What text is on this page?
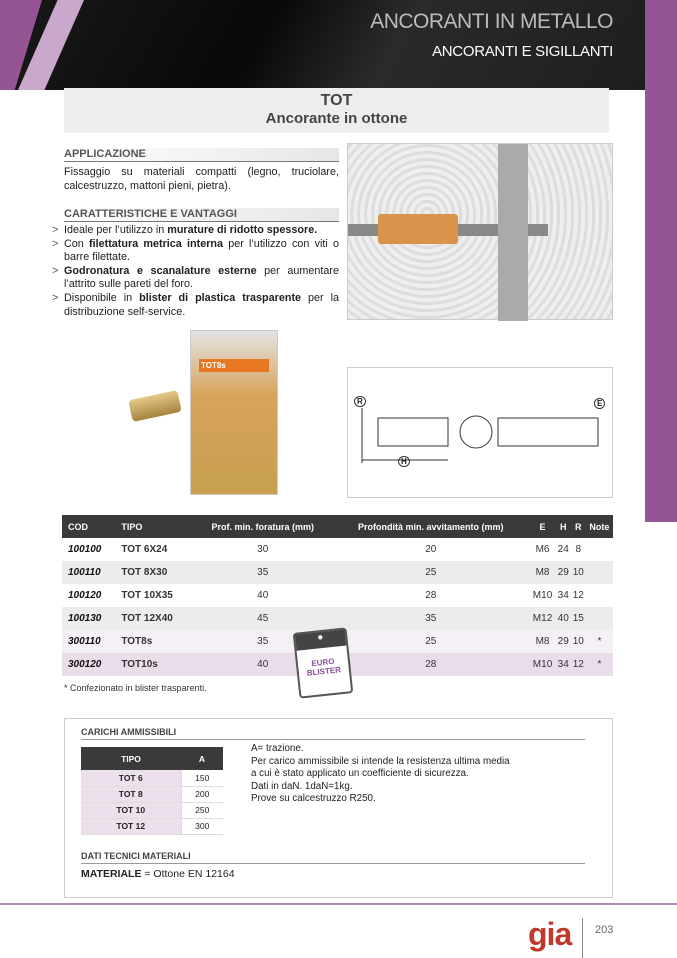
ANCORANTI IN METALLO
ANCORANTI E SIGILLANTI
TOT
Ancorante in ottone
APPLICAZIONE
Fissaggio su materiali compatti (legno, truciolare, calcestruzzo, mattoni pieni, pietra).
CARATTERISTICHE E VANTAGGI
> Ideale per l’utilizzo in murature di ridotto spessore.
> Con filettatura metrica interna per l’utilizzo con viti o barre filettate.
> Godronatura e scanalature esterne per aumentare l’attrito sulle pareti del foro.
> Disponibile in blister di plastica trasparente per la distribuzione self-service.
TOT8s
R	E
H
COD	TIPO	Prof. min. foratura (mm)	Profondità min. avvitamento (mm)	E	H	R	Note
100100	TOT 6X24	30	20	M6	24	8	
100110	TOT 8X30	35	25	M8	29	10	
100120	TOT 10X35	40	28	M10	34	12	
100130	TOT 12X40	45	35	M12	40	15	
300110	TOT8s	35	25	M8	29	10	*
300120	TOT10s	40	28	M10	34	12	*
* Confezionato in blister trasparenti.
●
EURO BLISTER
CARICHI AMMISSIBILI
TIPO	A
TOT 6	150
TOT 8	200
TOT 10	250
TOT 12	300
A= trazione.
Per carico ammissibile si intende la resistenza ultima media
a cui è stato applicato un coefficiente di sicurezza.
Dati in daN. 1daN=1kg.
Prove su calcestruzzo R250.
DATI TECNICI MATERIALI
MATERIALE = Ottone EN 12164
gia 203
